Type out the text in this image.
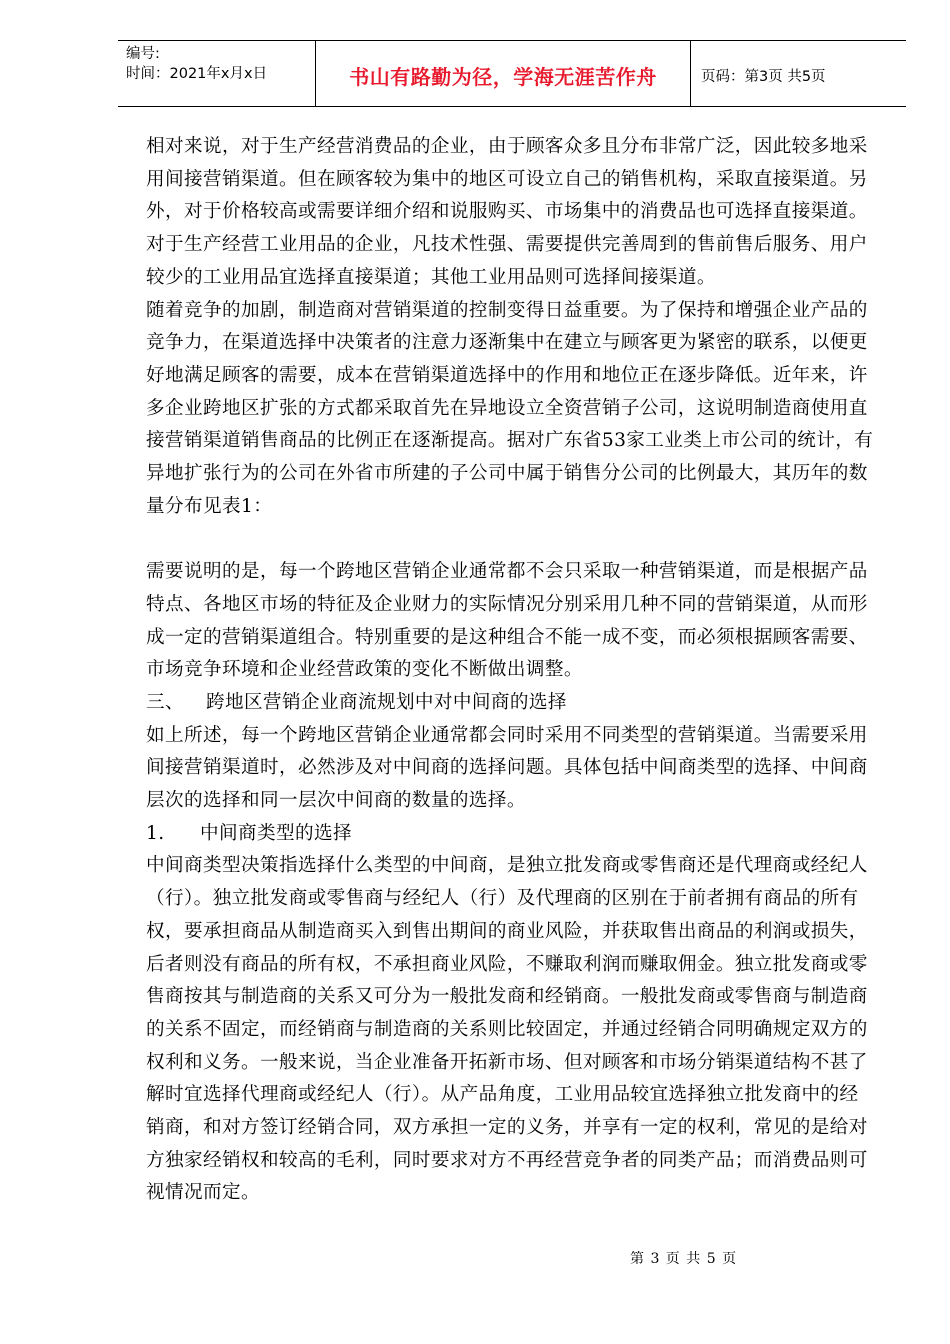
编号:
时间：2021年x月x日	书山有路勤为径，学海无涯苦作舟	页码：第3页 共5页

相对来说，对于生产经营消费品的企业，由于顾客众多且分布非常广泛，因此较多地采用间接营销渠道。但在顾客较为集中的地区可设立自己的销售机构，采取直接渠道。另外，对于价格较高或需要详细介绍和说服购买、市场集中的消费品也可选择直接渠道。对于生产经营工业用品的企业，凡技术性强、需要提供完善周到的售前售后服务、用户较少的工业用品宜选择直接渠道；其他工业用品则可选择间接渠道。

随着竞争的加剧，制造商对营销渠道的控制变得日益重要。为了保持和增强企业产品的竞争力，在渠道选择中决策者的注意力逐渐集中在建立与顾客更为紧密的联系，以便更好地满足顾客的需要，成本在营销渠道选择中的作用和地位正在逐步降低。近年来，许多企业跨地区扩张的方式都采取首先在异地设立全资营销子公司，这说明制造商使用直接营销渠道销售商品的比例正在逐渐提高。据对广东省53家工业类上市公司的统计，有异地扩张行为的公司在外省市所建的子公司中属于销售分公司的比例最大，其历年的数量分布见表1：

需要说明的是，每一个跨地区营销企业通常都不会只采取一种营销渠道，而是根据产品特点、各地区市场的特征及企业财力的实际情况分别采用几种不同的营销渠道，从而形成一定的营销渠道组合。特别重要的是这种组合不能一成不变，而必须根据顾客需要、市场竞争环境和企业经营政策的变化不断做出调整。

三、	跨地区营销企业商流规划中对中间商的选择

如上所述，每一个跨地区营销企业通常都会同时采用不同类型的营销渠道。当需要采用间接营销渠道时，必然涉及对中间商的选择问题。具体包括中间商类型的选择、中间商层次的选择和同一层次中间商的数量的选择。

1.	中间商类型的选择

中间商类型决策指选择什么类型的中间商，是独立批发商或零售商还是代理商或经纪人（行）。独立批发商或零售商与经纪人（行）及代理商的区别在于前者拥有商品的所有权，要承担商品从制造商买入到售出期间的商业风险，并获取售出商品的利润或损失，后者则没有商品的所有权，不承担商业风险，不赚取利润而赚取佣金。独立批发商或零售商按其与制造商的关系又可分为一般批发商和经销商。一般批发商或零售商与制造商的关系不固定，而经销商与制造商的关系则比较固定，并通过经销合同明确规定双方的权利和义务。一般来说，当企业准备开拓新市场、但对顾客和市场分销渠道结构不甚了解时宜选择代理商或经纪人（行）。从产品角度，工业用品较宜选择独立批发商中的经销商，和对方签订经销合同，双方承担一定的义务，并享有一定的权利，常见的是给对方独家经销权和较高的毛利，同时要求对方不再经营竞争者的同类产品；而消费品则可视情况而定。

第 3 页 共 5 页
